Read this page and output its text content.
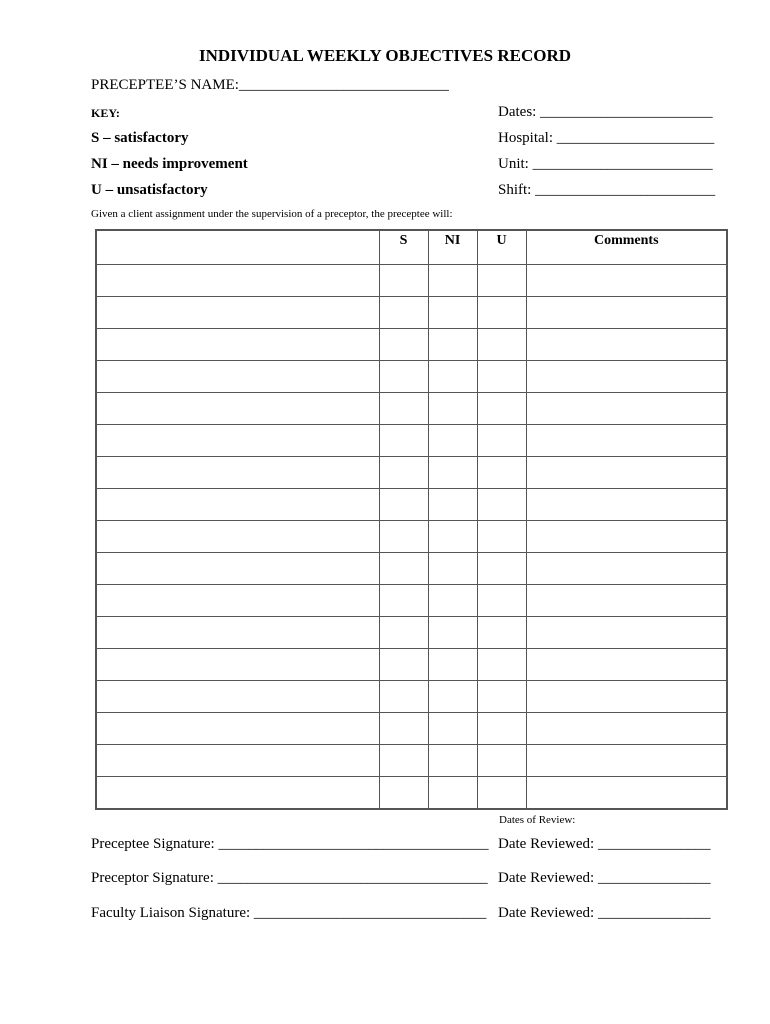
INDIVIDUAL WEEKLY OBJECTIVES RECORD
PRECEPTEE’S NAME:____________________________
KEY:
S – satisfactory
NI – needs improvement
U – unsatisfactory
Dates: _______________________
Hospital: _____________________
Unit: ________________________
Shift: ________________________
Given a client assignment under the supervision of a preceptor, the preceptee will:
	S	NI	U	Comments

Dates of Review:
Preceptee Signature: ____________________________________ Date Reviewed: _______________
Preceptor Signature: ____________________________________ Date Reviewed: _______________
Faculty Liaison Signature: _______________________________ Date Reviewed: _______________
